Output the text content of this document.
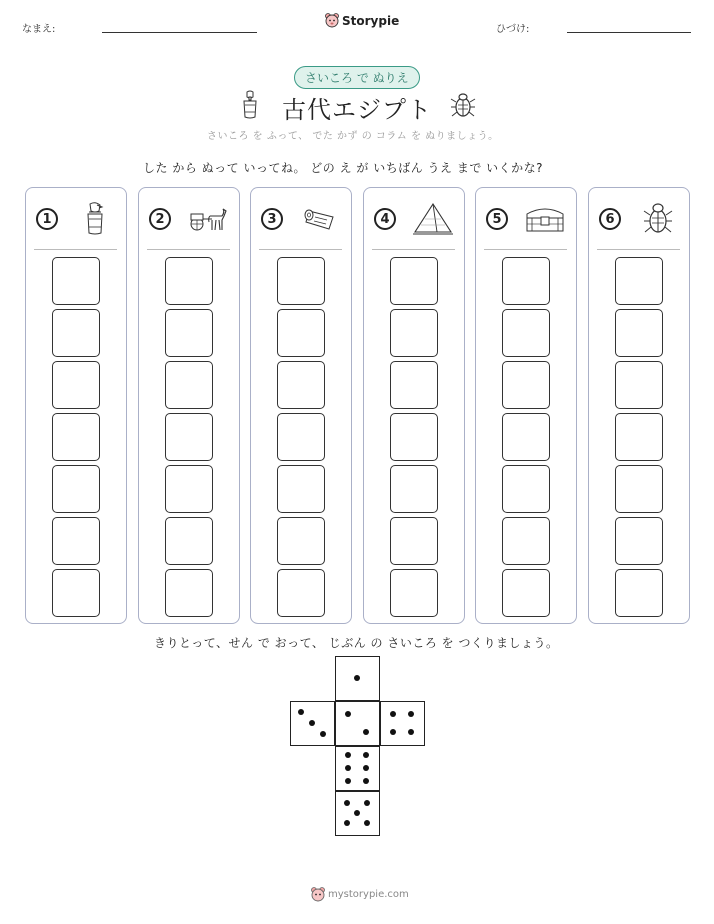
なまえ:
Storypie
ひづけ:
さいころ で ぬりえ
古代エジプト
さいころ を ふって、 でた かず の コラム を ぬりましょう。
した から ぬって いってね。 どの え が いちばん うえ まで いくかな?
1	2	3	4	5	6
きりとって、せん で おって、 じぶん の さいころ を つくりましょう。
mystorypie.com
